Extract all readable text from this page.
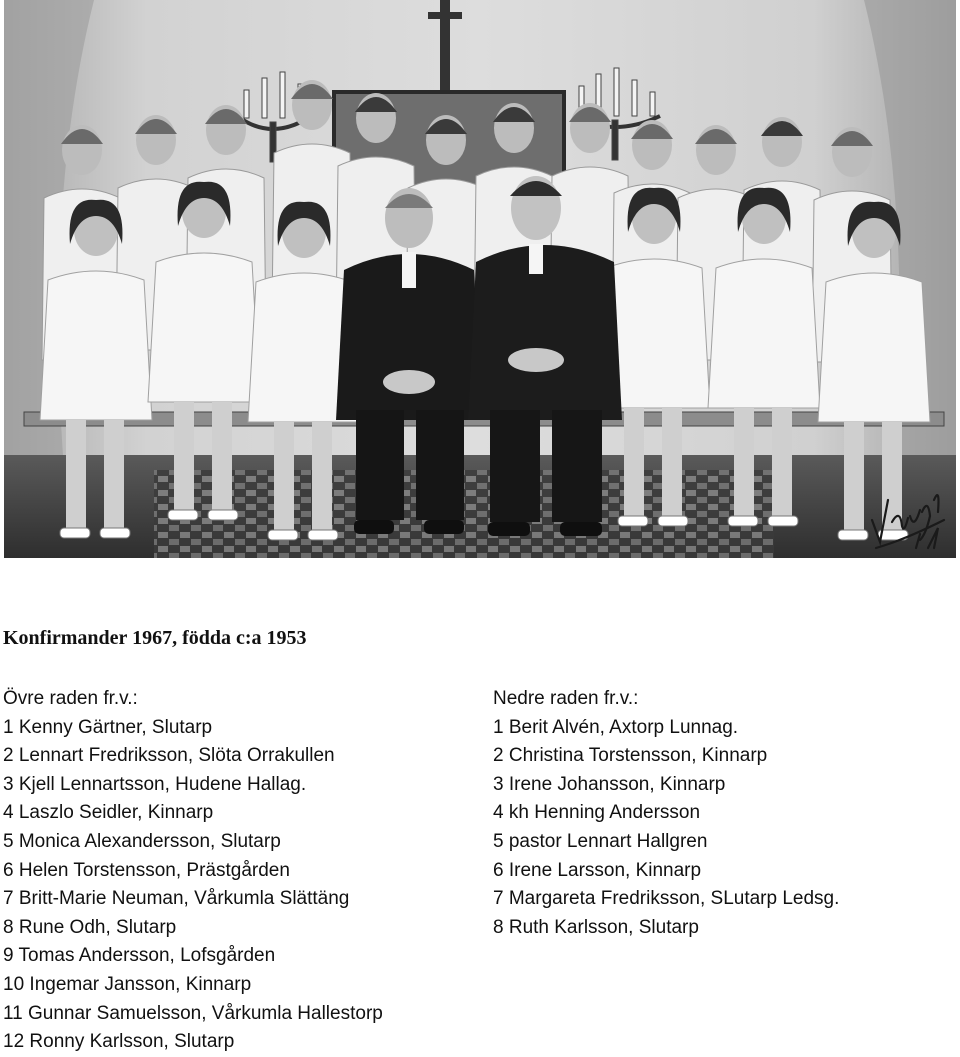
Konfirmander 1967, födda c:a 1953

Övre raden fr.v.:

1 Kenny Gärtner, Slutarp
2 Lennart Fredriksson, Slöta Orrakullen
3 Kjell Lennartsson, Hudene Hallag.
4 Laszlo Seidler, Kinnarp
5 Monica Alexandersson, Slutarp
6 Helen Torstensson, Prästgården
7 Britt-Marie Neuman, Vårkumla Slättäng
8 Rune Odh, Slutarp
9 Tomas Andersson, Lofsgården
10 Ingemar Jansson, Kinnarp
11 Gunnar Samuelsson, Vårkumla Hallestorp
12 Ronny Karlsson, Slutarp

Nedre raden fr.v.:

1 Berit Alvén, Axtorp Lunnag.
2 Christina Torstensson, Kinnarp
3 Irene Johansson, Kinnarp
4 kh Henning Andersson
5 pastor Lennart Hallgren
6 Irene Larsson, Kinnarp
7 Margareta Fredriksson, SLutarp Ledsg.
8 Ruth Karlsson, Slutarp
